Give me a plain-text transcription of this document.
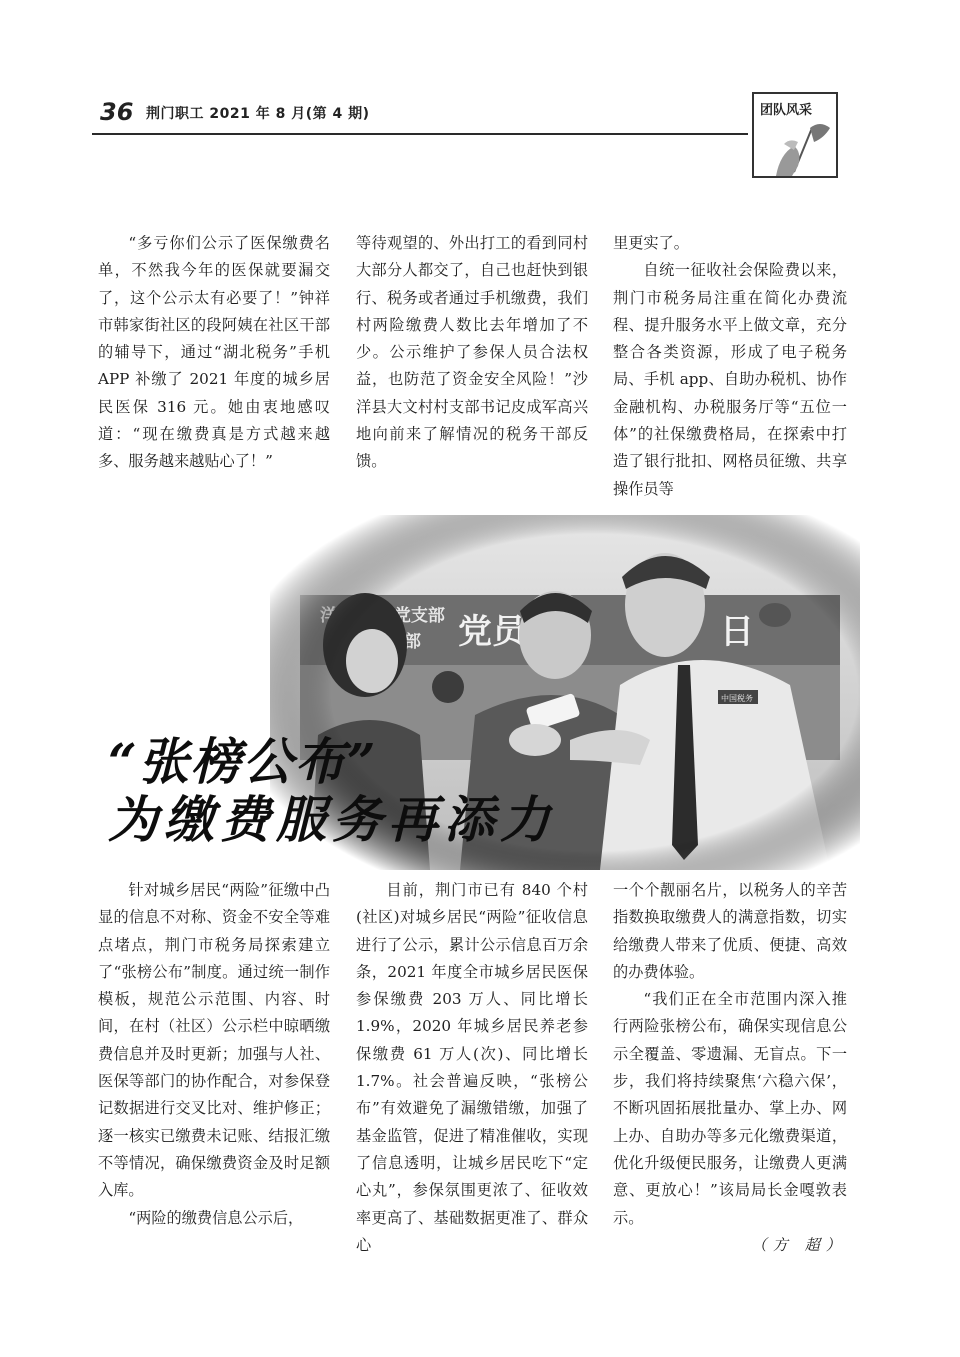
36 荆门职工 2021 年 8 月(第 4 期)	团队风采

“多亏你们公示了医保缴费名单，不然我今年的医保就要漏交了，这个公示太有必要了！”钟祥市韩家街社区的段阿姨在社区干部的辅导下，通过“湖北税务”手机 APP 补缴了 2021 年度的城乡居民医保 316 元。她由衷地感叹道：“现在缴费真是方式越来越多、服务越来越贴心了！”

等待观望的、外出打工的看到同村大部分人都交了，自己也赶快到银行、税务或者通过手机缴费，我们村两险缴费人数比去年增加了不少。公示维护了参保人员合法权益，也防范了资金安全风险！”沙洋县大文村村支部书记皮成军高兴地向前来了解情况的税务干部反馈。

里更实了。

自统一征收社会保险费以来，荆门市税务局注重在简化办费流程、提升服务水平上做文章，充分整合各类资源，形成了电子税务局、手机 app、自助办税机、协作金融机构、办税服务厅等“五位一体”的社保缴费格局，在探索中打造了银行批扣、网格员征缴、共享操作员等

“张榜公布”
为缴费服务再添力

针对城乡居民“两险”征缴中凸显的信息不对称、资金不安全等难点堵点，荆门市税务局探索建立了“张榜公布”制度。通过统一制作模板，规范公示范围、内容、时间，在村（社区）公示栏中晾晒缴费信息并及时更新；加强与人社、医保等部门的协作配合，对参保登记数据进行交叉比对、维护修正；逐一核实已缴费未记账、结报汇缴不等情况，确保缴费资金及时足额入库。

“两险的缴费信息公示后，

目前，荆门市已有 840 个村(社区)对城乡居民“两险”征收信息进行了公示，累计公示信息百万余条，2021 年度全市城乡居民医保参保缴费 203 万人、同比增长 1.9%，2020 年城乡居民养老参保缴费 61 万人(次)、同比增长 1.7%。社会普遍反映，“张榜公布”有效避免了漏缴错缴，加强了基金监管，促进了精准催收，实现了信息透明，让城乡居民吃下“定心丸”，参保氛围更浓了、征收效率更高了、基础数据更准了、群众心

一个个靓丽名片，以税务人的辛苦指数换取缴费人的满意指数，切实给缴费人带来了优质、便捷、高效的办费体验。

“我们正在全市范围内深入推行两险张榜公布，确保实现信息公示全覆盖、零遗漏、无盲点。下一步，我们将持续聚焦‘六稳六保’，不断巩固拓展批量办、掌上办、网上办、自助办等多元化缴费渠道，优化升级便民服务，让缴费人更满意、更放心！”该局局长金嘎敦表示。

（方 超）
